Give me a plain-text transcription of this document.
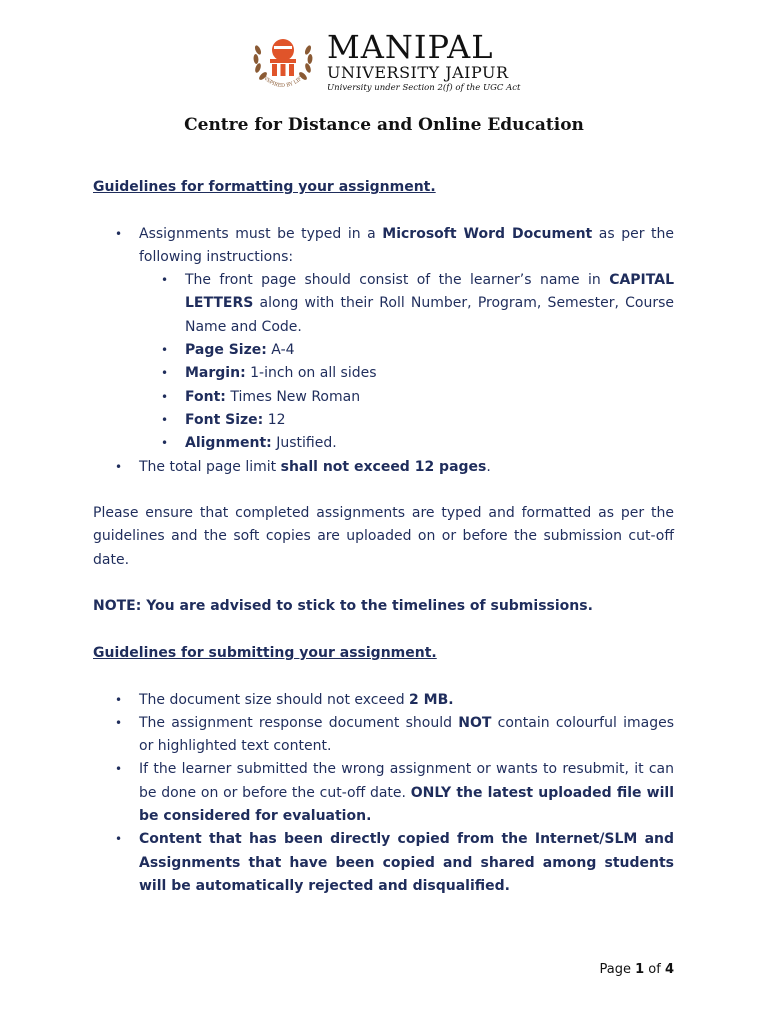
INSPIRED BY LIFE
MANIPAL
UNIVERSITY JAIPUR
University under Section 2(f) of the UGC Act
Centre for Distance and Online Education

Guidelines for formatting your assignment.

• Assignments must be typed in a Microsoft Word Document as per the following instructions:
• The front page should consist of the learner’s name in CAPITAL LETTERS along with their Roll Number, Program, Semester, Course Name and Code.
• Page Size: A-4
• Margin: 1-inch on all sides
• Font: Times New Roman
• Font Size: 12
• Alignment: Justified.
• The total page limit shall not exceed 12 pages.

Please ensure that completed assignments are typed and formatted as per the guidelines and the soft copies are uploaded on or before the submission cut-off date.

NOTE: You are advised to stick to the timelines of submissions.

Guidelines for submitting your assignment.

• The document size should not exceed 2 MB.
• The assignment response document should NOT contain colourful images or highlighted text content.
• If the learner submitted the wrong assignment or wants to resubmit, it can be done on or before the cut-off date. ONLY the latest uploaded file will be considered for evaluation.
• Content that has been directly copied from the Internet/SLM and Assignments that have been copied and shared among students will be automatically rejected and disqualified.
Page 1 of 4
